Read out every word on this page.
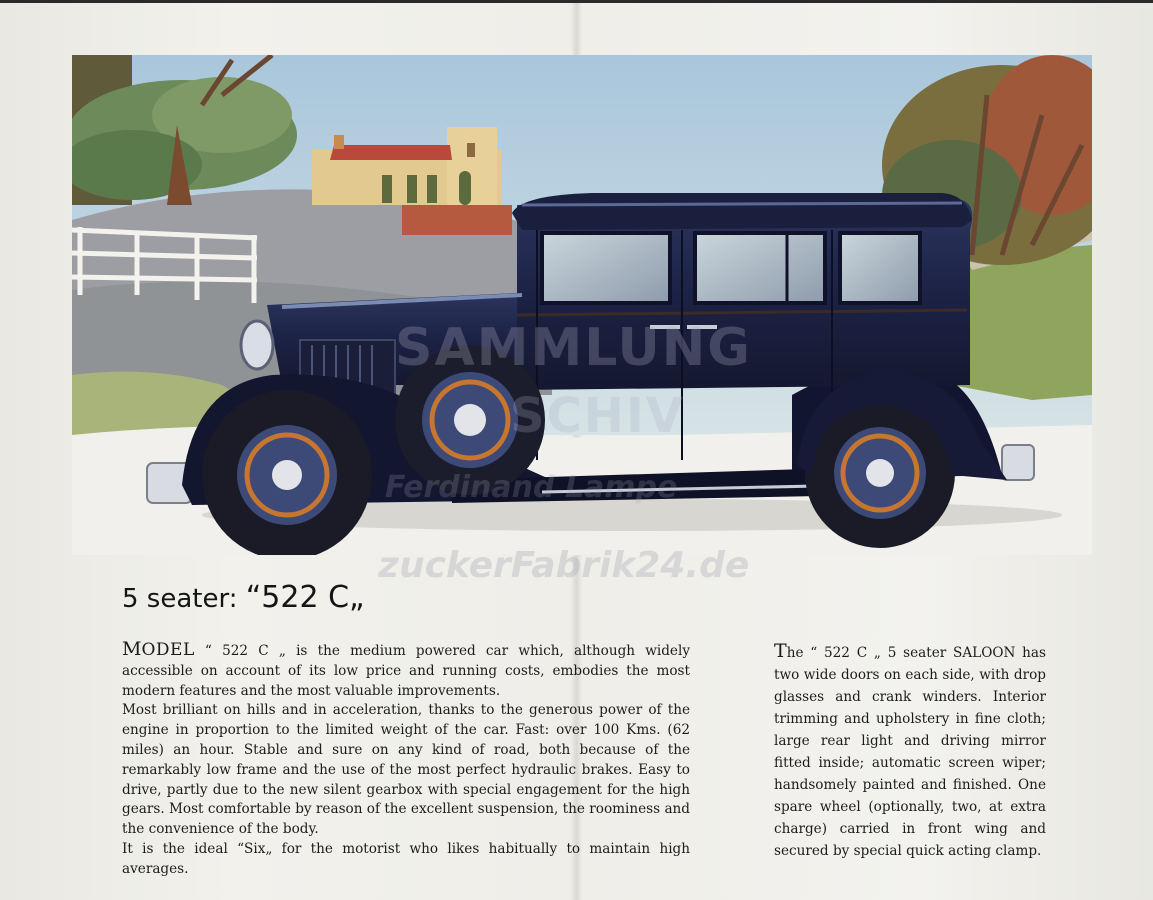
SAMMLUNG
SCHIV
Ferdinand Lampe
zuckerFabrik24.de
5 seater: “522 C„

MODEL “ 522 C „ is the medium powered car which, although widely accessible on account of its low price and running costs, embodies the most modern features and the most valuable improvements.

Most brilliant on hills and in acceleration, thanks to the generous power of the engine in proportion to the limited weight of the car. Fast: over 100 Kms. (62 miles) an hour. Stable and sure on any kind of road, both because of the remarkably low frame and the use of the most perfect hydraulic brakes. Easy to drive, partly due to the new silent gearbox with special engagement for the high gears. Most comfortable by reason of the excellent suspension, the roominess and the convenience of the body.

It is the ideal “Six„ for the motorist who likes habitually to maintain high averages.

The “ 522 C „ 5 seater SALOON has two wide doors on each side, with drop glasses and crank winders. Interior trimming and upholstery in fine cloth; large rear light and driving mirror fitted inside; automatic screen wiper; handsomely painted and finished. One spare wheel (optionally, two, at extra charge) carried in front wing and secured by special quick acting clamp.
